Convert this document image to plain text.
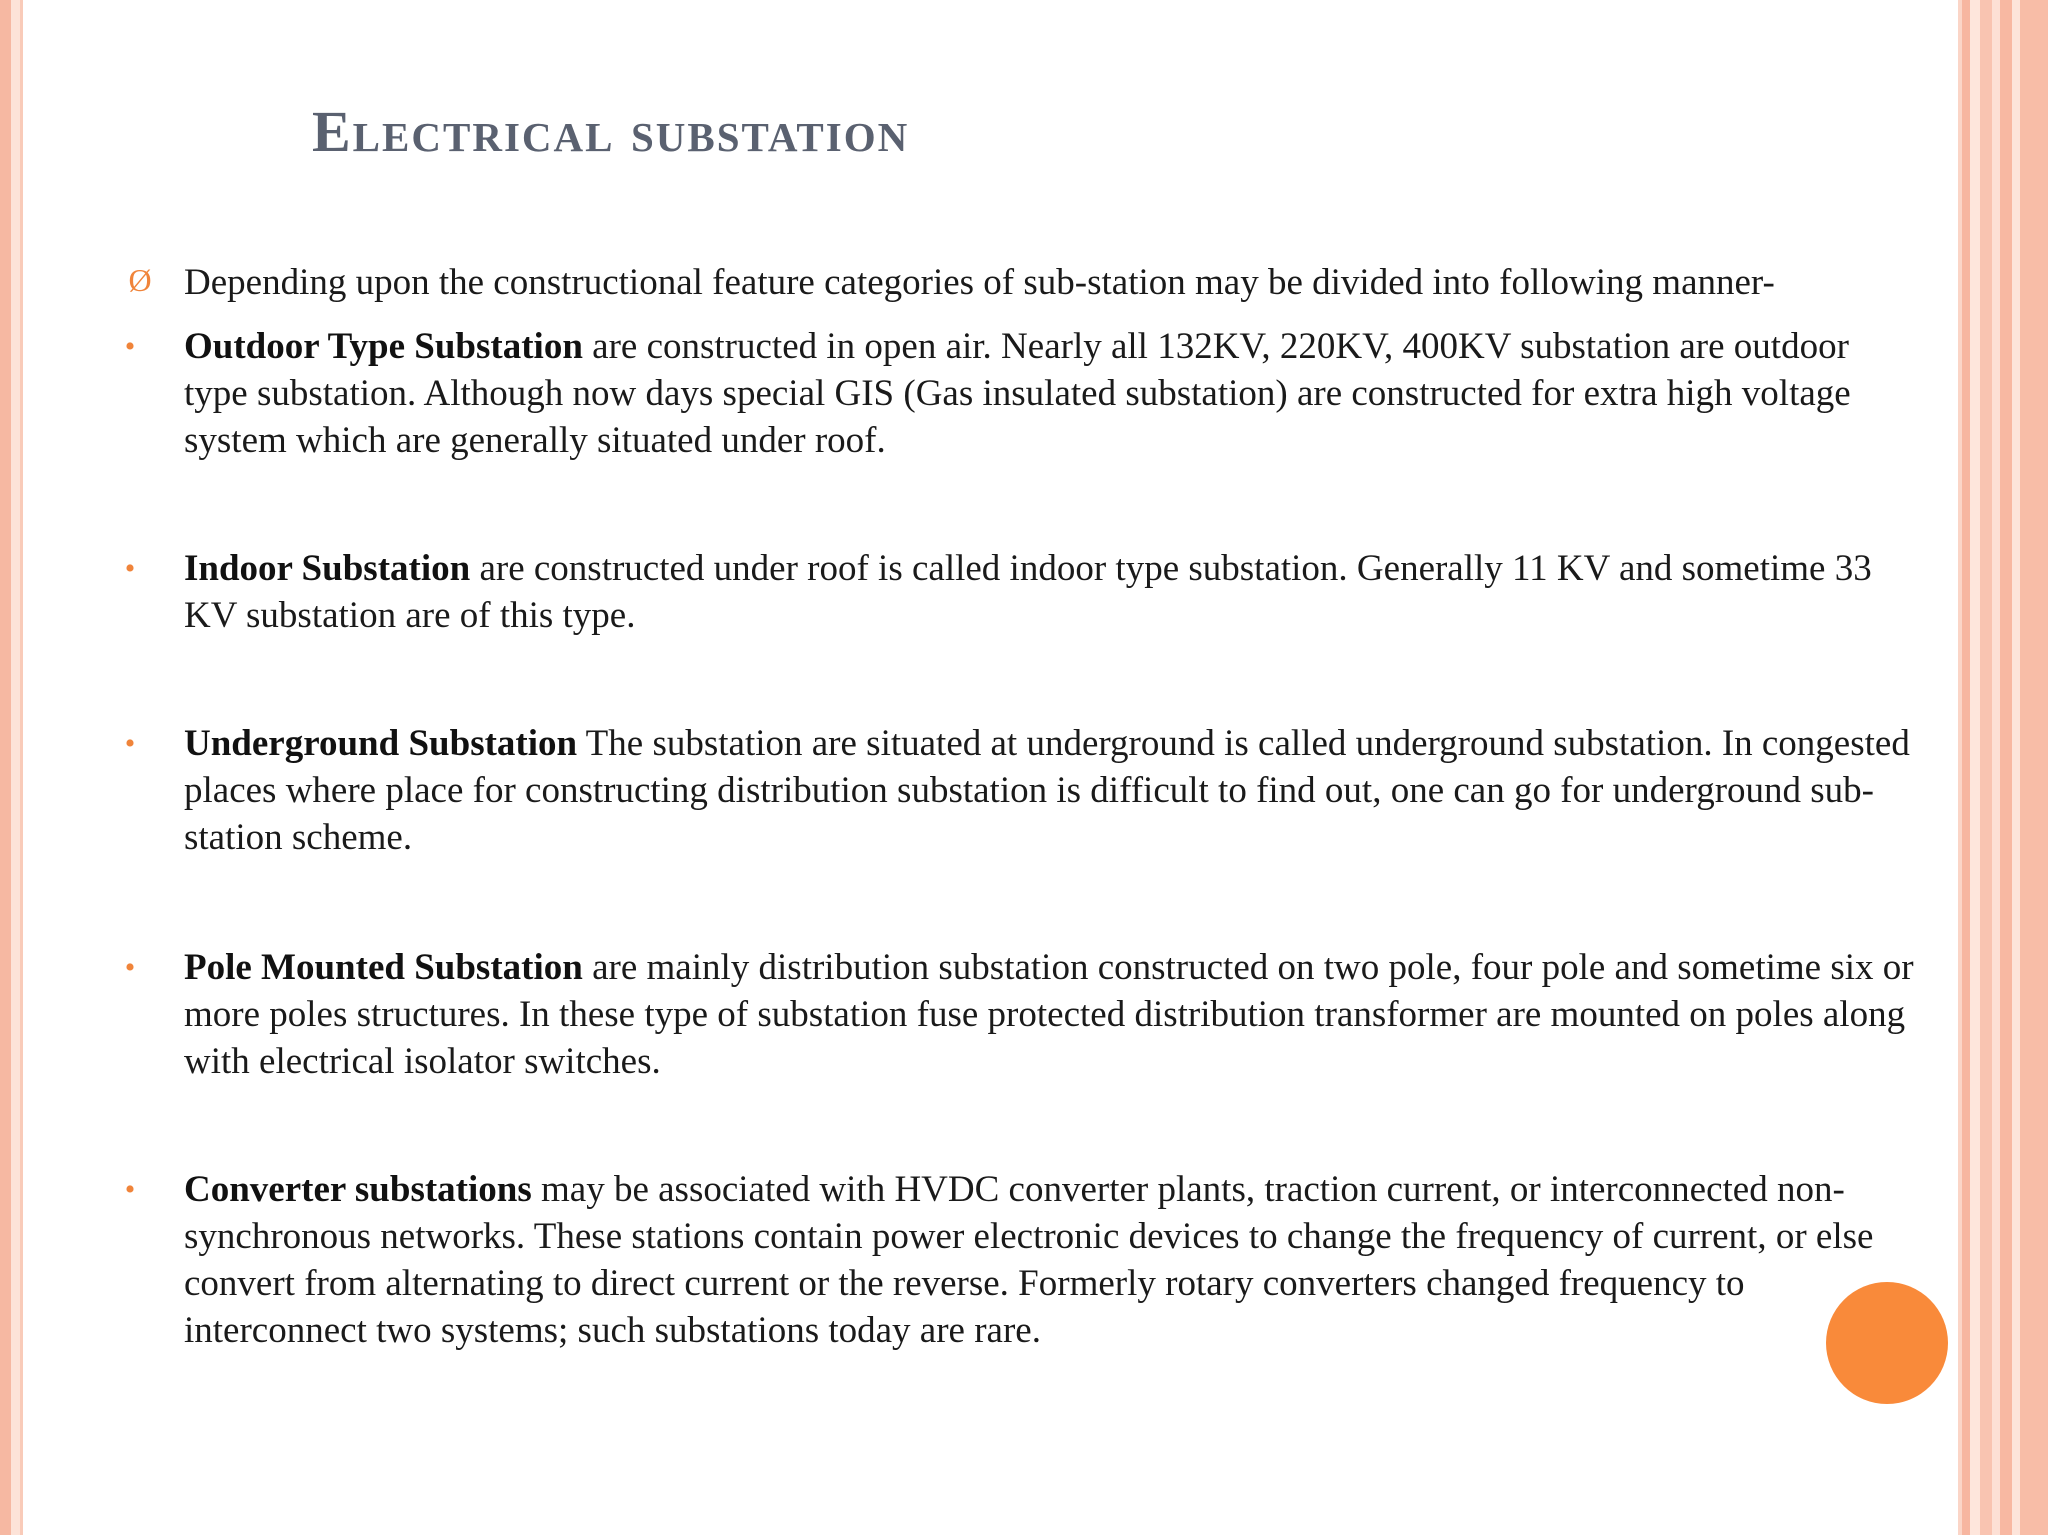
Electrical substation
Ø Depending upon the constructional feature categories of sub-station may be divided into following manner-
•	Outdoor Type Substation are constructed in open air. Nearly all 132KV, 220KV, 400KV substation are outdoor type substation. Although now days special GIS (Gas insulated substation) are constructed for extra high voltage system which are generally situated under roof.
•	Indoor Substation are constructed under roof is called indoor type substation. Generally 11 KV and sometime 33 KV substation are of this type.
•	Underground Substation The substation are situated at underground is called underground substation. In congested places where place for constructing distribution substation is difficult to find out, one can go for underground sub-station scheme.
•	Pole Mounted Substation are mainly distribution substation constructed on two pole, four pole and sometime six or more poles structures. In these type of substation fuse protected distribution transformer are mounted on poles along with electrical isolator switches.
•	Converter substations may be associated with HVDC converter plants, traction current, or interconnected non-synchronous networks. These stations contain power electronic devices to change the frequency of current, or else convert from alternating to direct current or the reverse. Formerly rotary converters changed frequency to interconnect two systems; such substations today are rare.
